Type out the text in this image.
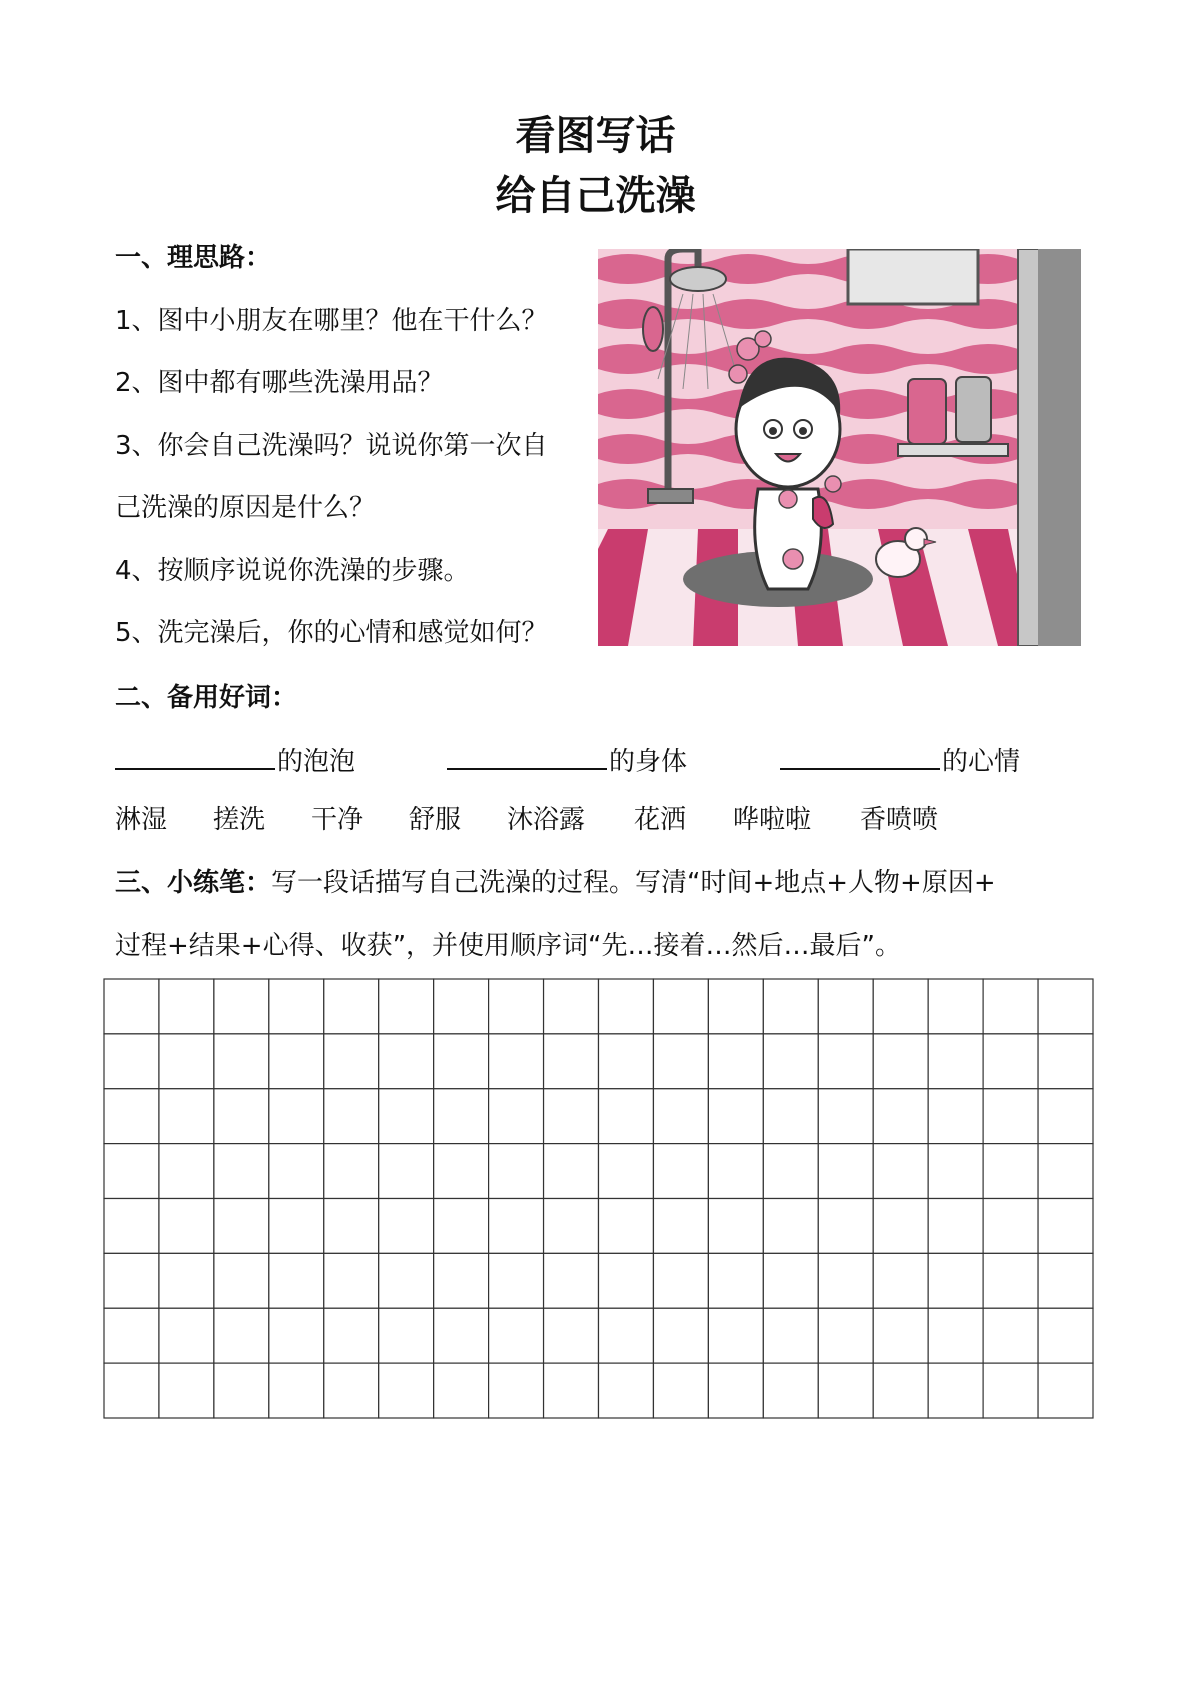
看图写话
给自己洗澡
一、理思路：
1、图中小朋友在哪里？他在干什么？
2、图中都有哪些洗澡用品？
3、你会自己洗澡吗？说说你第一次自
己洗澡的原因是什么？
4、按顺序说说你洗澡的步骤。
5、洗完澡后，你的心情和感觉如何？
二、备用好词：
的泡泡	的身体	的心情
淋湿 搓洗 干净 舒服 沐浴露 花洒 哗啦啦 香喷喷
三、小练笔：写一段话描写自己洗澡的过程。写清“时间+地点+人物+原因+
过程+结果+心得、收获”，并使用顺序词“先…接着…然后…最后”。
